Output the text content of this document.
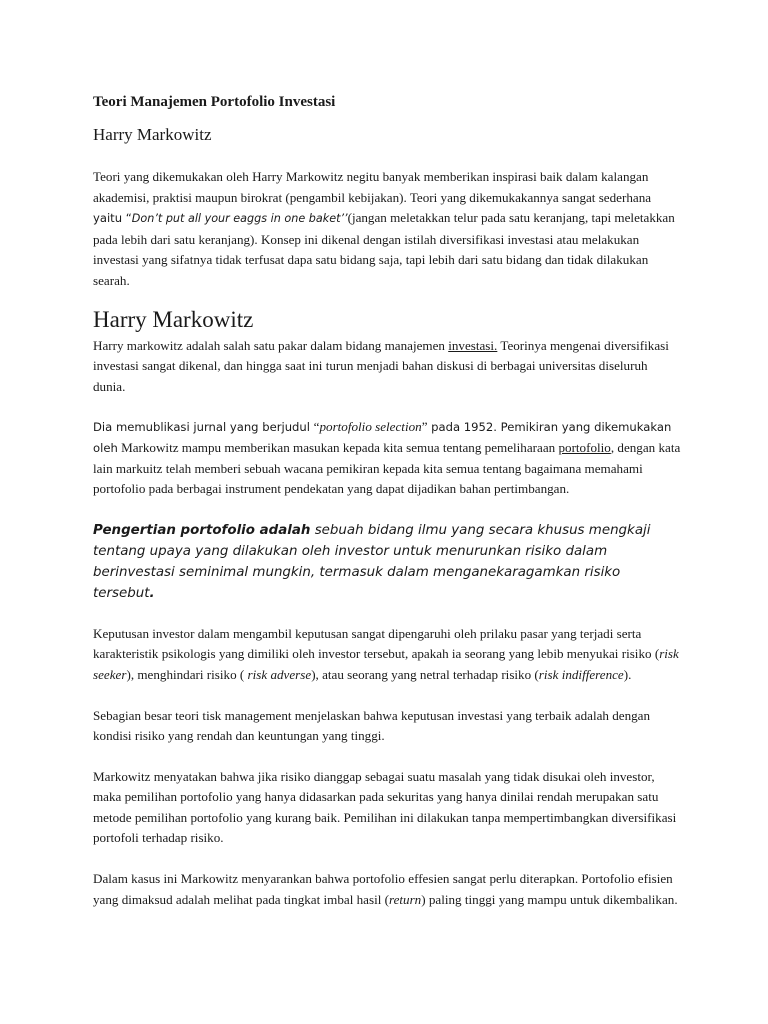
Teori Manajemen Portofolio Investasi
Harry Markowitz

Teori yang dikemukakan oleh Harry Markowitz negitu banyak memberikan inspirasi baik dalam kalangan akademisi, praktisi maupun birokrat (pengambil kebijakan). Teori yang dikemukakannya sangat sederhana yaitu “Don’t put all your eaggs in one baket’’(jangan meletakkan telur pada satu keranjang, tapi meletakkan pada lebih dari satu keranjang). Konsep ini dikenal dengan istilah diversifikasi investasi atau melakukan investasi yang sifatnya tidak terfusat dapa satu bidang saja, tapi lebih dari satu bidang dan tidak dilakukan searah.

Harry Markowitz

Harry markowitz adalah salah satu pakar dalam bidang manajemen investasi. Teorinya mengenai diversifikasi investasi sangat dikenal, dan hingga saat ini turun menjadi bahan diskusi di berbagai universitas diseluruh dunia.

Dia memublikasi jurnal yang berjudul “portofolio selection” pada 1952. Pemikiran yang dikemukakan oleh Markowitz mampu memberikan masukan kepada kita semua tentang pemeliharaan portofolio, dengan kata lain markuitz telah memberi sebuah wacana pemikiran kepada kita semua tentang bagaimana memahami portofolio pada berbagai instrument pendekatan yang dapat dijadikan bahan pertimbangan.

Pengertian portofolio adalah sebuah bidang ilmu yang secara khusus mengkaji tentang upaya yang dilakukan oleh investor untuk menurunkan risiko dalam berinvestasi seminimal mungkin, termasuk dalam menganekaragamkan risiko tersebut.

Keputusan investor dalam mengambil keputusan sangat dipengaruhi oleh prilaku pasar yang terjadi serta karakteristik psikologis yang dimiliki oleh investor tersebut, apakah ia seorang yang lebib menyukai risiko (risk seeker), menghindari risiko ( risk adverse), atau seorang yang netral terhadap risiko (risk indifference).

Sebagian besar teori tisk management menjelaskan bahwa keputusan investasi yang terbaik adalah dengan kondisi risiko yang rendah dan keuntungan yang tinggi.

Markowitz menyatakan bahwa jika risiko dianggap sebagai suatu masalah yang tidak disukai oleh investor, maka pemilihan portofolio yang hanya didasarkan pada sekuritas yang hanya dinilai rendah merupakan satu metode pemilihan portofolio yang kurang baik. Pemilihan ini dilakukan tanpa mempertimbangkan diversifikasi portofoli terhadap risiko.

Dalam kasus ini Markowitz menyarankan bahwa portofolio effesien sangat perlu diterapkan. Portofolio efisien yang dimaksud adalah melihat pada tingkat imbal hasil (return) paling tinggi yang mampu untuk dikembalikan.
